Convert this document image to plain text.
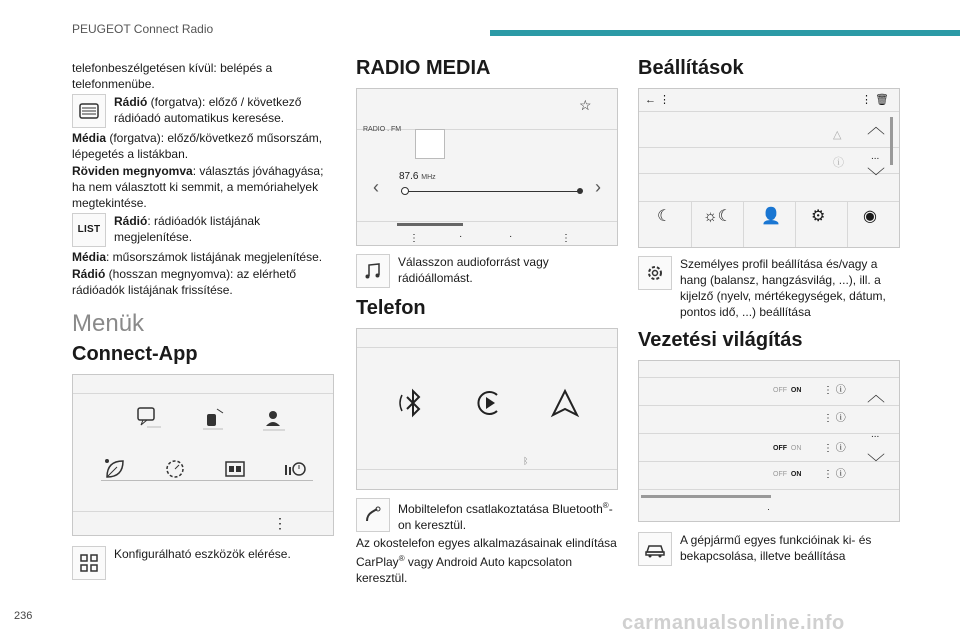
PEUGEOT Connect Radio
telefonbeszélgetésen kívül: belépés a telefonmenübe.
Rádió (forgatva): előző / következő rádióadó automatikus keresése.
Média (forgatva): előző/következő műsorszám, lépegetés a listákban.
Röviden megnyomva: választás jóváhagyása; ha nem választott ki semmit, a memóriahelyek megtekintése.
LIST
Rádió: rádióadók listájának megjelenítése.
Média: műsorszámok listájának megjelenítése.
Rádió (hosszan megnyomva): az elérhető rádióadók listájának frissítése.
Menük
Connect-App
⋮
Konfigurálható eszközök elérése.
RADIO MEDIA
RADIO . FM
☆
87.6 MHz
‹	›
⋮	·	·	⋮
Válasszon audioforrást vagy rádióállomást.
Telefon
ᛒ
Mobiltelefon csatlakoztatása Bluetooth®-on keresztül.
Az okostelefon egyes alkalmazásainak elindítása CarPlay® vagy Android Auto kapcsolaton keresztül.
Beállítások
← ⋮	⋮ 🗑
△
ⓘ
︿
...
﹀
☾ ☼☾ 👤 ⚙ ◉
Személyes profil beállítása és/vagy a hang (balansz, hangzásvilág, ...), ill. a kijelző (nyelv, mértékegységek, dátum, pontos idő, ...) beállítása
Vezetési világítás
·
OFF ON
OFF ON
OFF ON
⋮ ⓘ
⋮ ⓘ
⋮ ⓘ
⋮ ⓘ
︿
...
﹀
A gépjármű egyes funkcióinak ki- és bekapcsolása, illetve beállítása
236	carmanualsonline.info
